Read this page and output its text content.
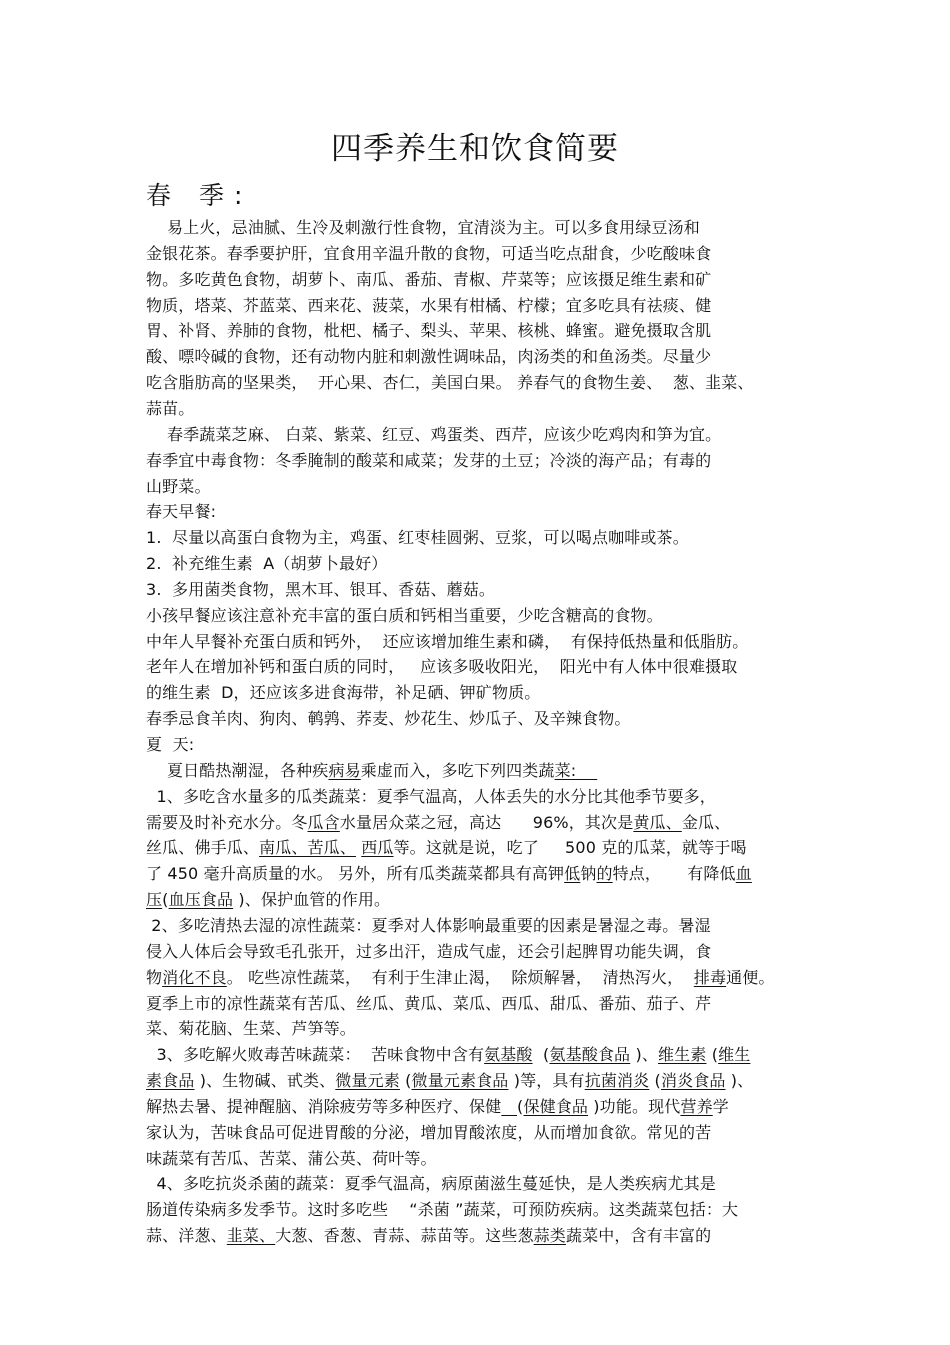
四季养生和饮食简要
春 季:
易上火，忌油腻、生冷及刺激行性食物，宜清淡为主。可以多食用绿豆汤和
金银花茶。春季要护肝，宜食用辛温升散的食物，可适当吃点甜食，少吃酸味食
物。多吃黄色食物，胡萝卜、南瓜、番茄、青椒、芹菜等；应该摄足维生素和矿
物质，塔菜、芥蓝菜、西来花、菠菜，水果有柑橘、柠檬；宜多吃具有祛痰、健
胃、补肾、养肺的食物，枇杷、橘子、梨头、苹果、核桃、蜂蜜。避免摄取含肌
酸、嘌呤碱的食物，还有动物内脏和刺激性调味品，肉汤类的和鱼汤类。尽量少
吃含脂肪高的坚果类，  开心果、杏仁，美国白果。 养春气的食物生姜、  葱、韭菜、
蒜苗。
春季蔬菜芝麻、 白菜、紫菜、红豆、鸡蛋类、西芹，应该少吃鸡肉和笋为宜。
春季宜中毒食物：冬季腌制的酸菜和咸菜；发芽的土豆；冷淡的海产品；有毒的
山野菜。
春天早餐:
1.  尽量以高蛋白食物为主，鸡蛋、红枣桂圆粥、豆浆，可以喝点咖啡或茶。
2.  补充维生素  A（胡萝卜最好）
3.  多用菌类食物，黑木耳、银耳、香菇、蘑菇。
小孩早餐应该注意补充丰富的蛋白质和钙相当重要，少吃含糖高的食物。
中年人早餐补充蛋白质和钙外，  还应该增加维生素和磷，  有保持低热量和低脂肪。
老年人在增加补钙和蛋白质的同时，   应该多吸收阳光，  阳光中有人体中很难摄取
的维生素  D，还应该多进食海带，补足硒、钾矿物质。
春季忌食羊肉、狗肉、鹌鹑、荞麦、炒花生、炒瓜子、及辛辣食物。
夏  天:
夏日酷热潮湿，各种疾病易乘虚而入，多吃下列四类蔬菜:
1、多吃含水量多的瓜类蔬菜：夏季气温高，人体丢失的水分比其他季节要多，
需要及时补充水分。冬瓜含水量居众菜之冠，高达      96%，其次是黄瓜、金瓜、
丝瓜、佛手瓜、南瓜、苦瓜、 西瓜等。这就是说，吃了     500 克的瓜菜，就等于喝
了 450 毫升高质量的水。 另外，所有瓜类蔬菜都具有高钾低钠的特点，     有降低血
压(血压食品 )、保护血管的作用。
2、多吃清热去湿的凉性蔬菜：夏季对人体影响最重要的因素是暑湿之毒。暑湿
侵入人体后会导致毛孔张开，过多出汗，造成气虚，还会引起脾胃功能失调，食
物消化不良。 吃些凉性蔬菜，  有利于生津止渴，  除烦解暑，  清热泻火，  排毒通便。
夏季上市的凉性蔬菜有苦瓜、丝瓜、黄瓜、菜瓜、西瓜、甜瓜、番茄、茄子、芹
菜、菊花脑、生菜、芦笋等。
3、多吃解火败毒苦味蔬菜：  苦味食物中含有氨基酸  (氨基酸食品 )、维生素 (维生
素食品 )、生物碱、甙类、微量元素 (微量元素食品 )等，具有抗菌消炎 (消炎食品 )、
解热去暑、提神醒脑、消除疲劳等多种医疗、保健 (保健食品 )功能。现代营养学
家认为，苦味食品可促进胃酸的分泌，增加胃酸浓度，从而增加食欲。常见的苦
味蔬菜有苦瓜、苦菜、蒲公英、荷叶等。
4、多吃抗炎杀菌的蔬菜：夏季气温高，病原菌滋生蔓延快，是人类疾病尤其是
肠道传染病多发季节。这时多吃些    “杀菌 ”蔬菜，可预防疾病。这类蔬菜包括：大
蒜、洋葱、韭菜、大葱、香葱、青蒜、蒜苗等。这些葱蒜类蔬菜中，含有丰富的
